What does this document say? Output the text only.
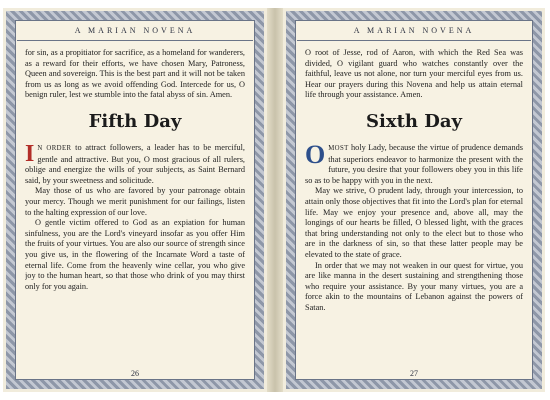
A MARIAN NOVENA

for sin, as a propitiator for sacrifice, as a homeland for wanderers, as a reward for their efforts, we have chosen Mary, Patroness, Queen and sovereign. This is the best part and it will not be taken from us as long as we avoid offending God. Intercede for us, O benign ruler, lest we stumble into the fatal abyss of sin. Amen.

Fifth Day

I N ORDER to attract followers, a leader has to be merciful, gentle and attractive. But you, O most gracious of all rulers, oblige and energize the wills of your subjects, as Saint Bernard said, by your sweetness and solicitude.

May those of us who are favored by your patronage obtain your mercy. Though we merit punishment for our failings, listen to the halting expression of our love.

O gentle victim offered to God as an expiation for human sinfulness, you are the Lord's vineyard insofar as you offer Him the fruits of your virtues. You are also our source of strength since you give us, in the flowering of the Incarnate Word a taste of eternal life. Come from the heavenly wine cellar, you who give joy to the human heart, so that those who drink of you may thirst only for you again.

26
A MARIAN NOVENA

O root of Jesse, rod of Aaron, with which the Red Sea was divided, O vigilant guard who watches constantly over the faithful, leave us not alone, nor turn your merciful eyes from us. Hear our prayers during this Novena and help us attain eternal life through your assistance. Amen.

Sixth Day

OMOST holy Lady, because the virtue of prudence demands that superiors endeavor to harmonize the present with the future, you desire that your followers obey you in this life so as to be happy with you in the next.

May we strive, O prudent lady, through your intercession, to attain only those objectives that fit into the Lord's plan for eternal life. May we enjoy your presence and, above all, may the longings of our hearts be filled, O blessed light, with the graces that bring understanding not only to the elect but to those who are in the darkness of sin, so that these latter people may be elevated to the state of grace.

In order that we may not weaken in our quest for virtue, you are like manna in the desert sustaining and strengthening those who require your assistance. By your many virtues, you are a force akin to the mountains of Lebanon against the powers of Satan.

27
